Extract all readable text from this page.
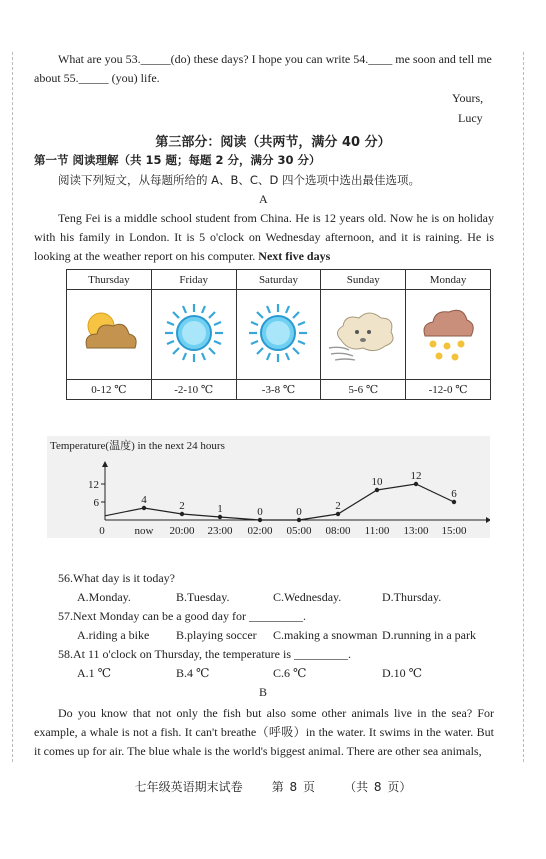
What are you 53._____(do) these days? I hope you can write 54.____ me soon and tell me
about 55._____ (you) life.
Yours,
Lucy
第三部分：阅读（共两节，满分 40 分）
第一节 阅读理解（共 15 题；每题 2 分，满分 30 分）
阅读下列短文，从每题所给的 A、B、C、D 四个选项中选出最佳选项。
A
Teng Fei is a middle school student from China. He is 12 years old. Now he is on holiday with his family in London. It is 5 o'clock on Wednesday afternoon, and it is raining. He is looking at the weather report on his computer. Next five days
Thursday	Friday	Saturday	Sunday	Monday

0-12 ℃	-2-10 ℃	-3-8 ℃	5-6 ℃	-12-0 ℃
Temperature(温度) in the next 24 hours
0
6
12
now 20:00 23:00 02:00 05:00 08:00 11:00 13:00 15:00
4	2	1	0	0	2
10	12
6
56.What day is it today?
A.Monday.	B.Tuesday.	C.Wednesday.	D.Thursday.
57.Next Monday can be a good day for _________.
A.riding a bike B.playing soccer C.making a snowman D.running in a park
58.At 11 o'clock on Thursday, the temperature is _________.
A.1 ℃	B.4 ℃	C.6 ℃	D.10 ℃
B
Do you know that not only the fish but also some other animals live in the sea? For example, a whale is not a fish. It can't breathe（呼吸）in the water. It swims in the water. But it comes up for air. The blue whale is the world's biggest animal. There are other sea animals,
七年级英语期末试卷 第 8 页 （共 8 页）
